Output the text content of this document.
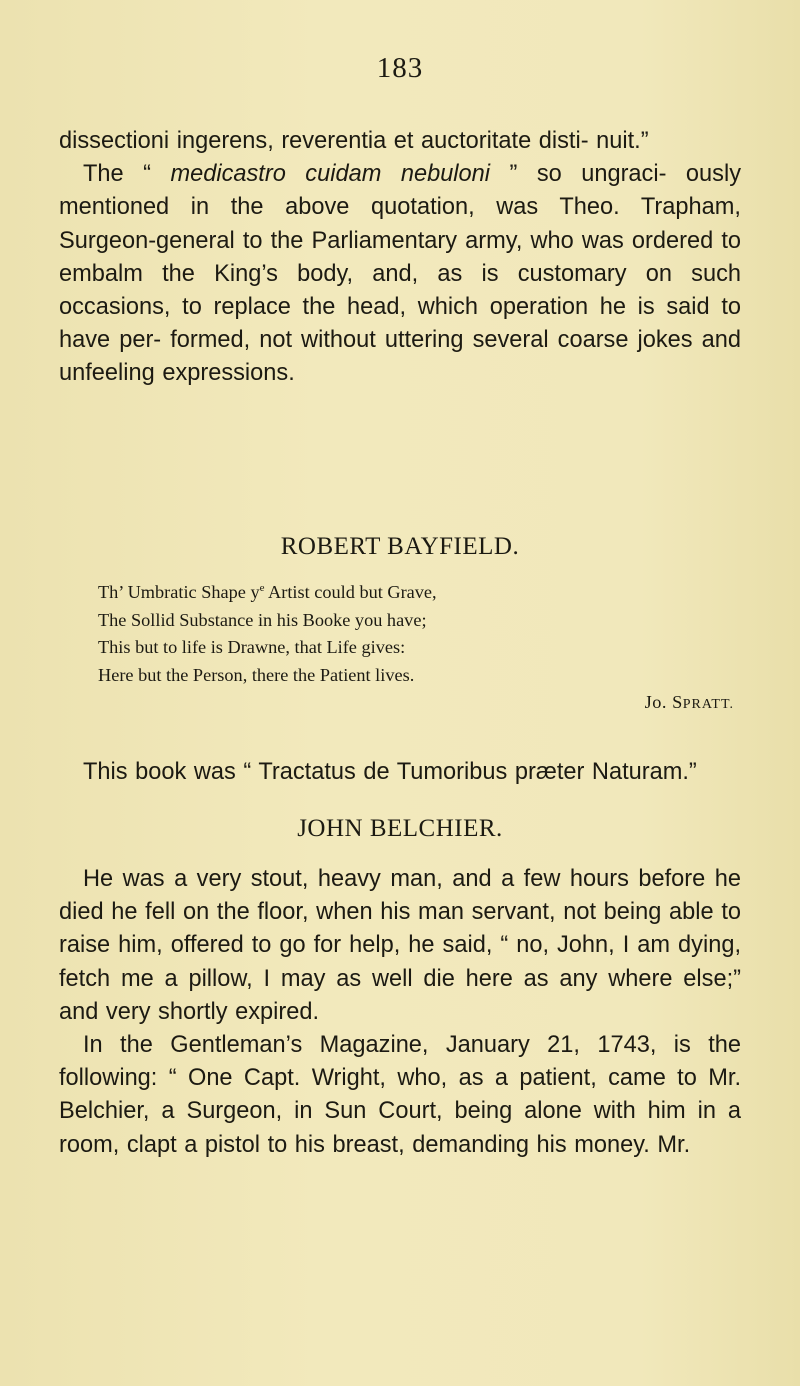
183

dissectioni ingerens, reverentia et auctoritate disti- nuit.”

The “ medicastro cuidam nebuloni ” so ungraci- ously mentioned in the above quotation, was Theo. Trapham, Surgeon-general to the Parliamentary army, who was ordered to embalm the King’s body, and, as is customary on such occasions, to replace the head, which operation he is said to have per- formed, not without uttering several coarse jokes and unfeeling expressions.

ROBERT BAYFIELD.
Th’ Umbratic Shape $y^e$ Artist could but Grave,
The Sollid Substance in his Booke you have;
This but to life is Drawne, that Life gives:
Here but the Person, there the Patient lives.
Jo. SPRATT.

This book was “ Tractatus de Tumoribus præter Naturam.”

JOHN BELCHIER.

He was a very stout, heavy man, and a few hours before he died he fell on the floor, when his man servant, not being able to raise him, offered to go for help, he said, “ no, John, I am dying, fetch me a pillow, I may as well die here as any where else;” and very shortly expired.

In the Gentleman’s Magazine, January 21, 1743, is the following: “ One Capt. Wright, who, as a patient, came to Mr. Belchier, a Surgeon, in Sun Court, being alone with him in a room, clapt a pistol to his breast, demanding his money. Mr.
